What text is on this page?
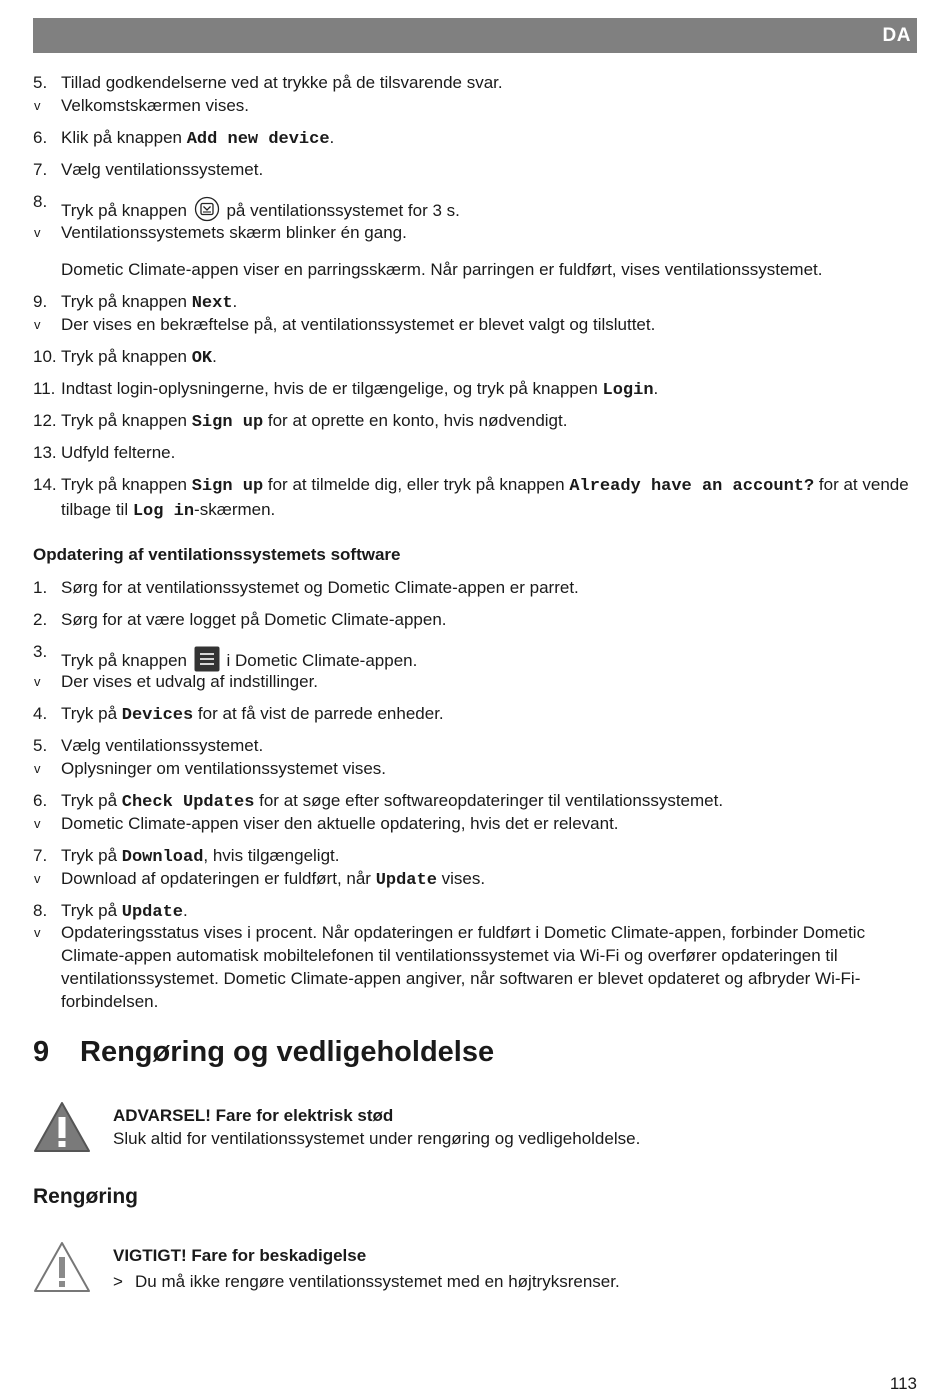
DA
5. Tillad godkendelserne ved at trykke på de tilsvarende svar.
v Velkomstskærmen vises.
6. Klik på knappen Add new device.
7. Vælg ventilationssystemet.
8. Tryk på knappen på ventilationssystemet for 3 s.
v Ventilationssystemets skærm blinker én gang.
Dometic Climate-appen viser en parringsskærm. Når parringen er fuldført, vises ventilationssystemet.
9. Tryk på knappen Next.
v Der vises en bekræftelse på, at ventilationssystemet er blevet valgt og tilsluttet.
10. Tryk på knappen OK.
11. Indtast login-oplysningerne, hvis de er tilgængelige, og tryk på knappen Login.
12. Tryk på knappen Sign up for at oprette en konto, hvis nødvendigt.
13. Udfyld felterne.
14. Tryk på knappen Sign up for at tilmelde dig, eller tryk på knappen Already have an account? for at vende tilbage til Log in-skærmen.
Opdatering af ventilationssystemets software
1. Sørg for at ventilationssystemet og Dometic Climate-appen er parret.
2. Sørg for at være logget på Dometic Climate-appen.
3. Tryk på knappen i Dometic Climate-appen.
v Der vises et udvalg af indstillinger.
4. Tryk på Devices for at få vist de parrede enheder.
5. Vælg ventilationssystemet.
v Oplysninger om ventilationssystemet vises.
6. Tryk på Check Updates for at søge efter softwareopdateringer til ventilationssystemet.
v Dometic Climate-appen viser den aktuelle opdatering, hvis det er relevant.
7. Tryk på Download, hvis tilgængeligt.
v Download af opdateringen er fuldført, når Update vises.
8. Tryk på Update.
v Opdateringsstatus vises i procent. Når opdateringen er fuldført i Dometic Climate-appen, forbinder Dometic Climate-appen automatisk mobiltelefonen til ventilationssystemet via Wi-Fi og overfører opdateringen til ventilationssystemet. Dometic Climate-appen angiver, når softwaren er blevet opdateret og afbryder Wi-Fi-forbindelsen.
9 Rengøring og vedligeholdelse
ADVARSEL! Fare for elektrisk stød
Sluk altid for ventilationssystemet under rengøring og vedligeholdelse.
Rengøring
VIGTIGT! Fare for beskadigelse
> Du må ikke rengøre ventilationssystemet med en højtryksrenser.
113
